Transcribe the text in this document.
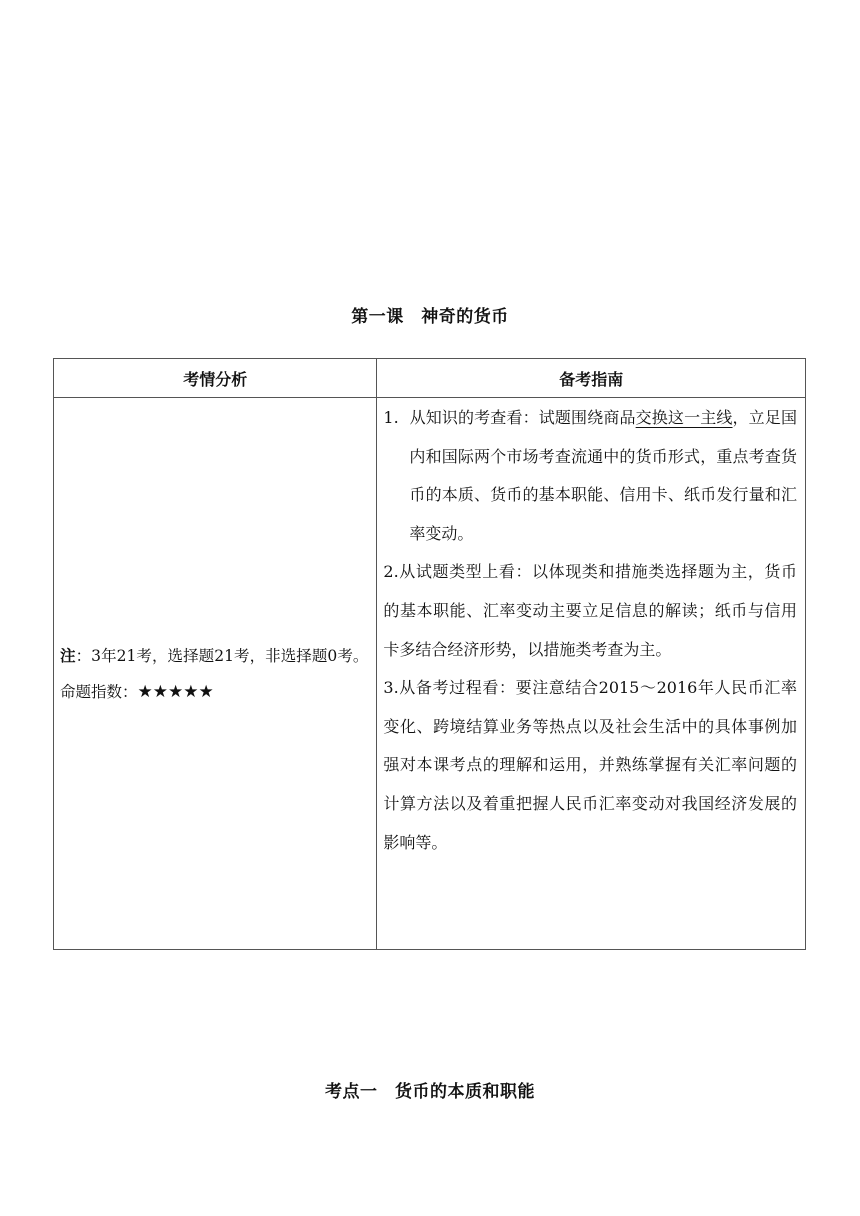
第一课　神奇的货币
考情分析	备考指南
注：3年21考，选择题21考，非选择题0考。命题指数：★★★★★	1. 从知识的考查看：试题围绕商品交换这一主线，立足国内和国际两个市场考查流通中的货币形式，重点考查货币的本质、货币的基本职能、信用卡、纸币发行量和汇率变动。

2.从试题类型上看：以体现类和措施类选择题为主，货币的基本职能、汇率变动主要立足信息的解读；纸币与信用卡多结合经济形势，以措施类考查为主。

3.从备考过程看：要注意结合2015～2016年人民币汇率变化、跨境结算业务等热点以及社会生活中的具体事例加强对本课考点的理解和运用，并熟练掌握有关汇率问题的计算方法以及着重把握人民币汇率变动对我国经济发展的影响等。

考点一　货币的本质和职能
